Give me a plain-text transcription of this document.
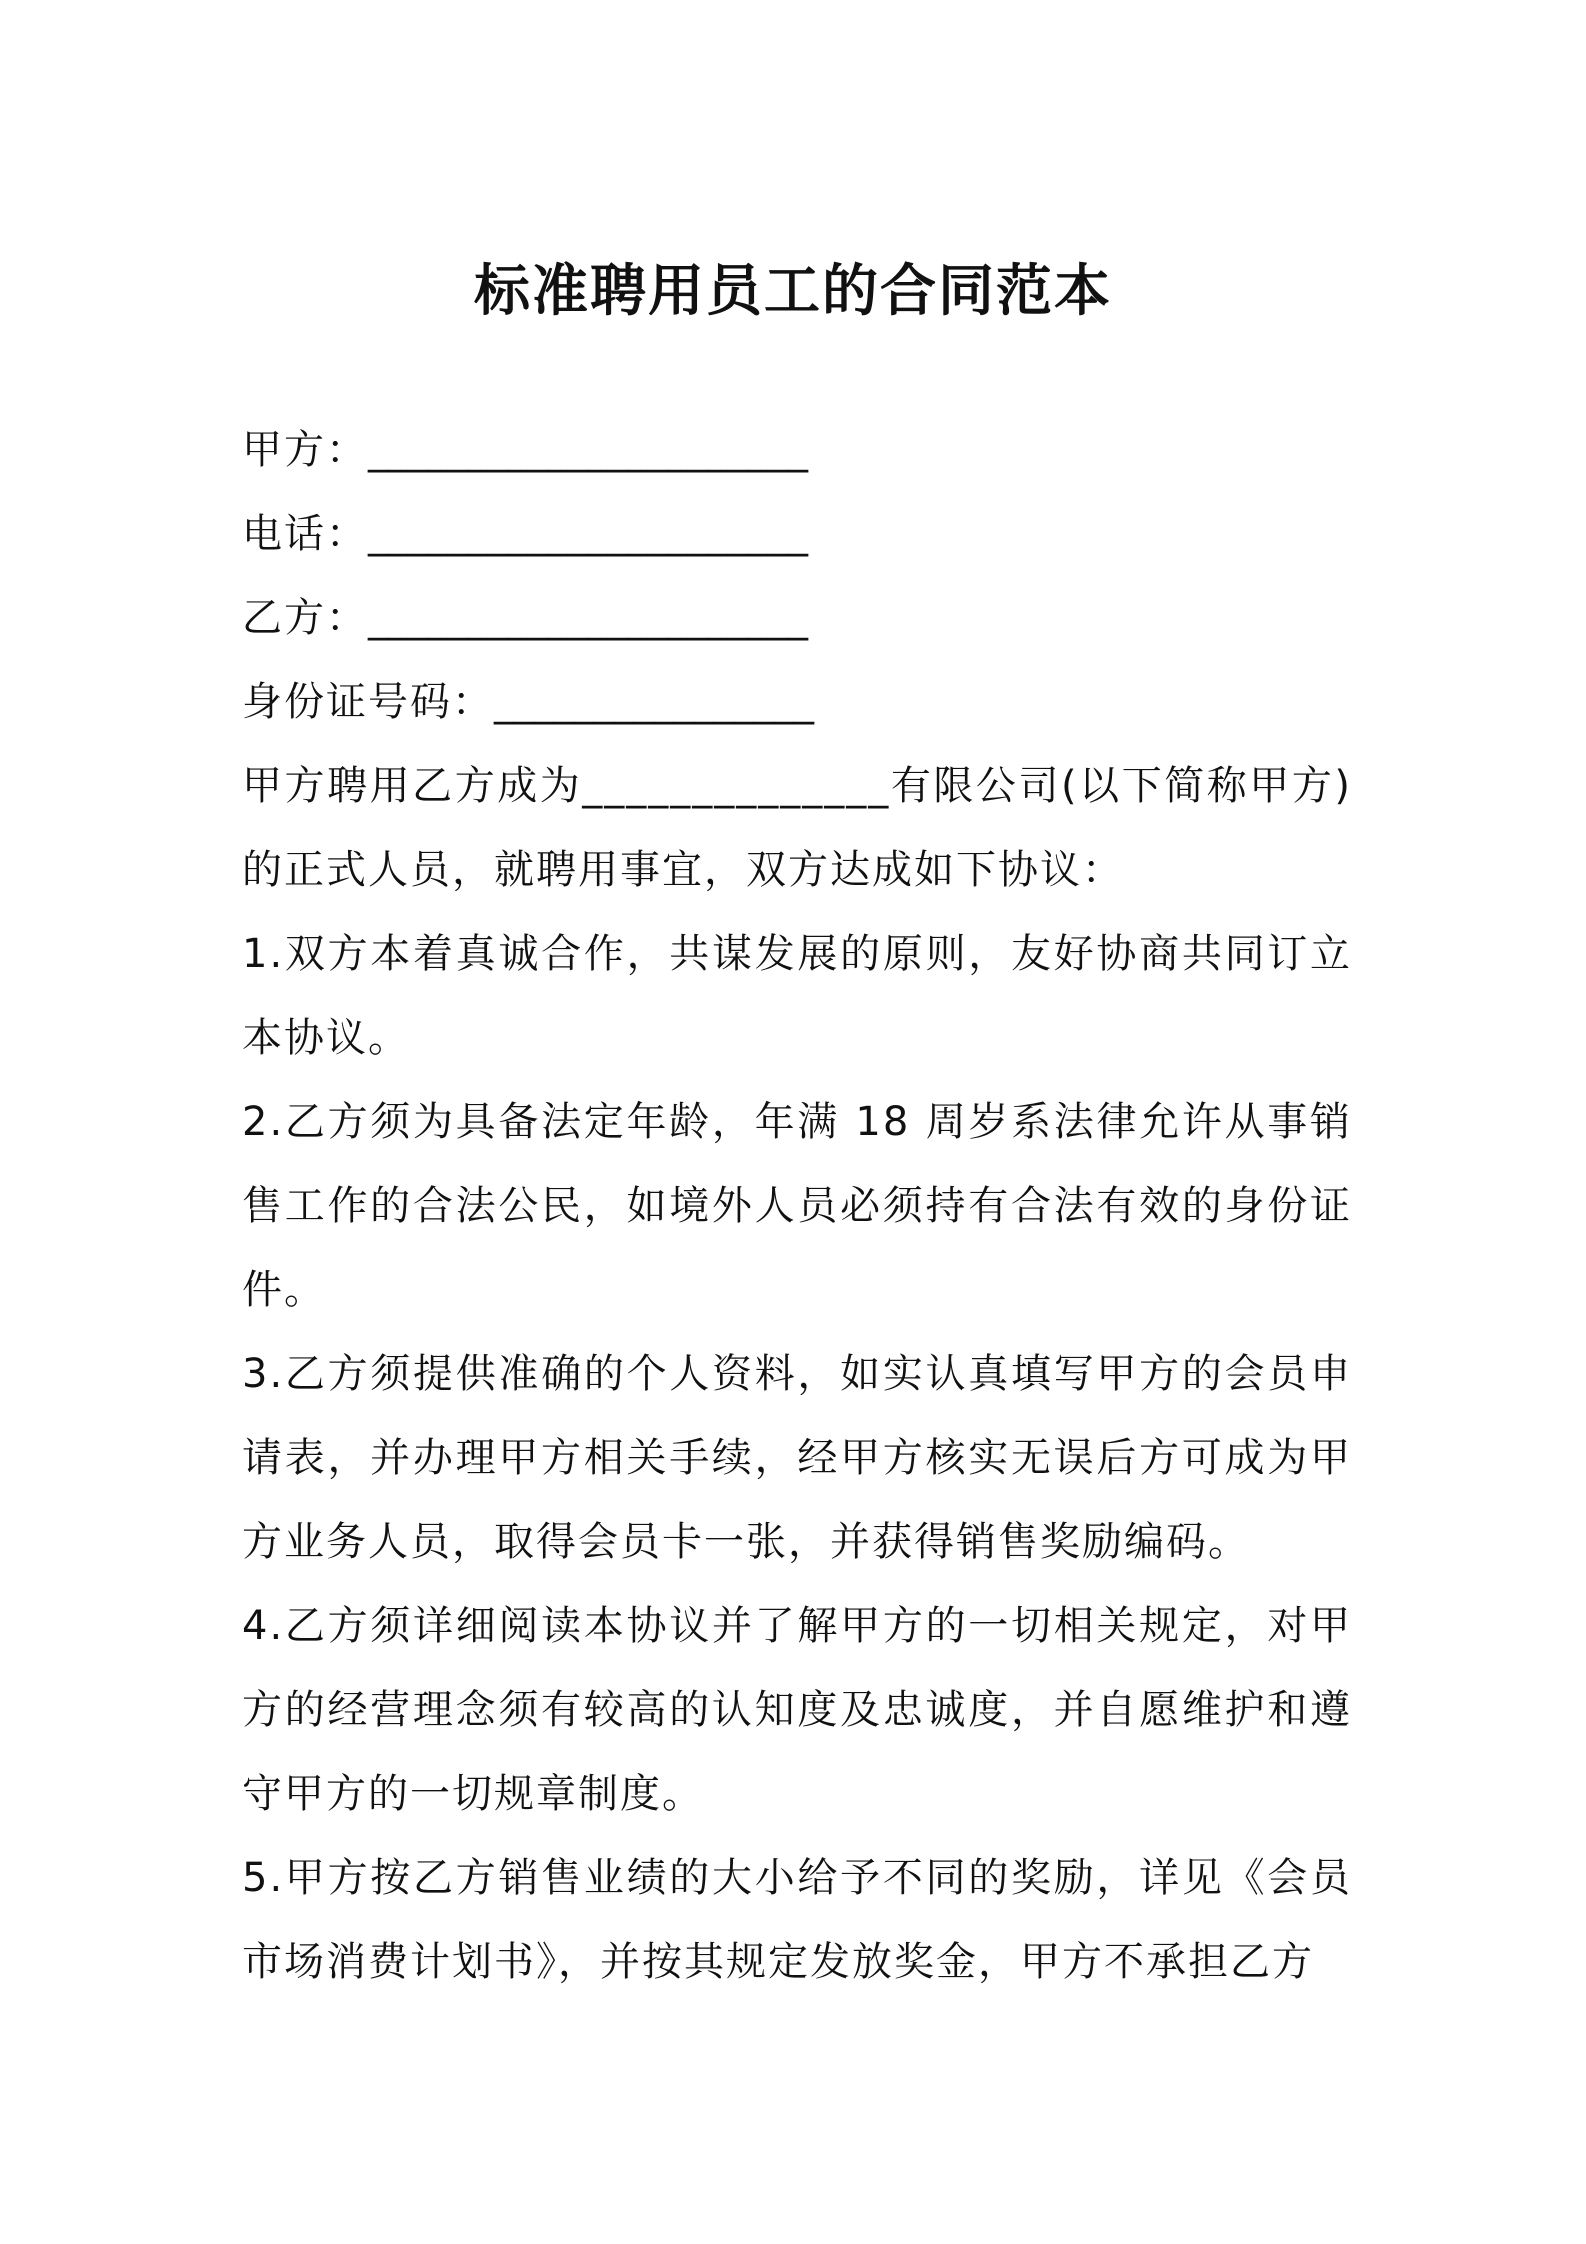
标准聘用员工的合同范本
甲方：______________________
电话：______________________
乙方：______________________
身份证号码：________________

甲方聘用乙方成为______________有限公司(以下简称甲方)的正式人员，就聘用事宜，双方达成如下协议：

1.双方本着真诚合作，共谋发展的原则，友好协商共同订立本协议。

2.乙方须为具备法定年龄，年满 18 周岁系法律允许从事销售工作的合法公民，如境外人员必须持有合法有效的身份证件。

3.乙方须提供准确的个人资料，如实认真填写甲方的会员申请表，并办理甲方相关手续，经甲方核实无误后方可成为甲方业务人员，取得会员卡一张，并获得销售奖励编码。

4.乙方须详细阅读本协议并了解甲方的一切相关规定，对甲方的经营理念须有较高的认知度及忠诚度，并自愿维护和遵守甲方的一切规章制度。

5.甲方按乙方销售业绩的大小给予不同的奖励，详见《会员市场消费计划书》，并按其规定发放奖金，甲方不承担乙方
